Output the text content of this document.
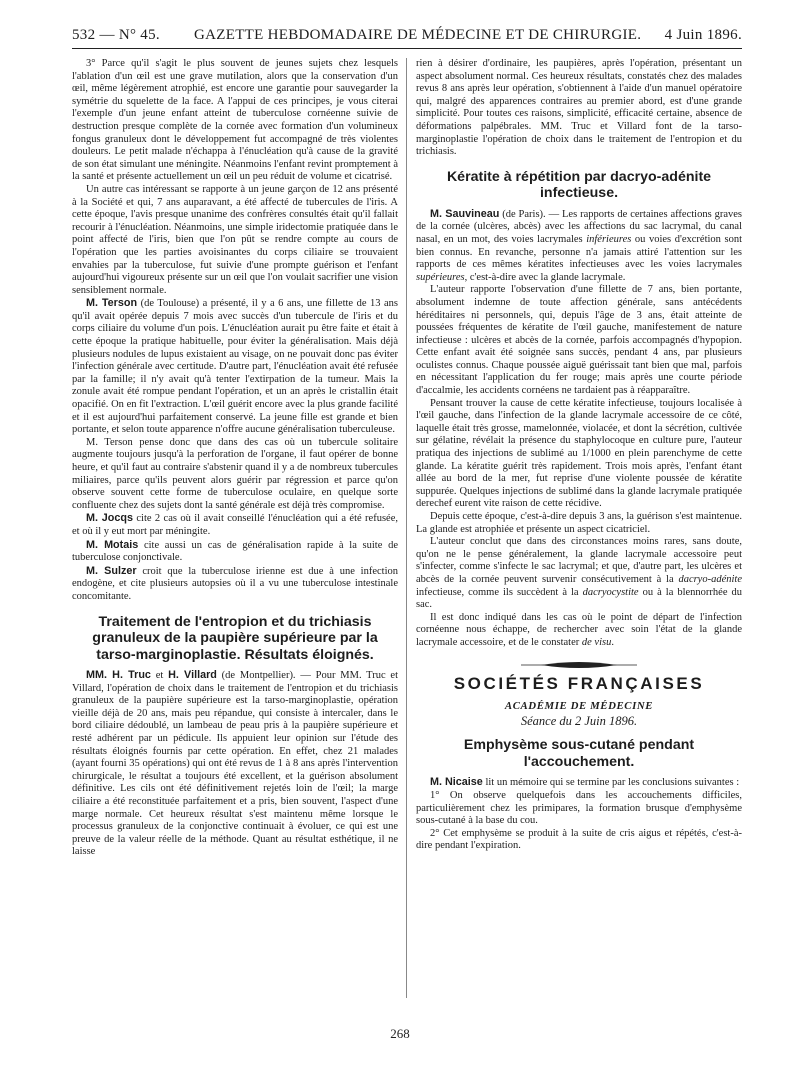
532 — N° 45. GAZETTE HEBDOMADAIRE DE MÉDECINE ET DE CHIRURGIE. 4 Juin 1896.

3° Parce qu'il s'agit le plus souvent de jeunes sujets chez lesquels l'ablation d'un œil est une grave mutilation, alors que la conservation d'un œil, même légèrement atrophié, est encore une garantie pour sauvegarder la symétrie du squelette de la face. A l'appui de ces principes, je vous citerai l'exemple d'un jeune enfant atteint de tuberculose cornéenne suivie de destruction presque complète de la cornée avec formation d'un volumineux fongus granuleux dont le développement fut accompagné de très violentes douleurs. Le petit malade n'échappa à l'énucléation qu'à cause de la gravité de son état simulant une méningite. Néanmoins l'enfant revint promptement à la santé et présente actuellement un œil un peu réduit de volume et cicatrisé.

Un autre cas intéressant se rapporte à un jeune garçon de 12 ans présenté à la Société et qui, 7 ans auparavant, a été affecté de tubercules de l'iris. A cette époque, l'avis presque unanime des confrères consultés était qu'il fallait recourir à l'énucléation. Néanmoins, une simple iridectomie pratiquée dans le point affecté de l'iris, bien que l'on pût se rendre compte au cours de l'opération que les parties avoisinantes du corps ciliaire se trouvaient envahies par la tuberculose, fut suivie d'une prompte guérison et l'enfant aujourd'hui vigoureux présente sur un œil que l'on voulait sacrifier une vision sensiblement normale.

M. Terson (de Toulouse) a présenté, il y a 6 ans, une fillette de 13 ans qu'il avait opérée depuis 7 mois avec succès d'un tubercule de l'iris et du corps ciliaire du volume d'un pois. L'énucléation aurait pu être faite et était à cette époque la pratique habituelle, pour éviter la généralisation. Mais déjà plusieurs nodules de lupus existaient au visage, on ne pouvait donc pas éviter l'infection générale avec certitude. D'autre part, l'énucléation avait été refusée par la famille; il n'y avait qu'à tenter l'extirpation de la tumeur. Mais la zonule avait été rompue pendant l'opération, et un an après le cristallin était opacifié. On en fit l'extraction. L'œil guérit encore avec la plus grande facilité et il est aujourd'hui parfaitement conservé. La jeune fille est grande et bien portante, et selon toute apparence n'offre aucune généralisation tuberculeuse.

M. Terson pense donc que dans des cas où un tubercule solitaire augmente toujours jusqu'à la perforation de l'organe, il faut opérer de bonne heure, et qu'il faut au contraire s'abstenir quand il y a de nombreux tubercules miliaires, parce qu'ils peuvent alors guérir par régression et parce qu'on observe souvent cette forme de tuberculose oculaire, en quelque sorte confluente chez des sujets dont la santé générale est déjà très compromise.

M. Jocqs cite 2 cas où il avait conseillé l'énucléation qui a été refusée, et où il y eut mort par méningite.

M. Motais cite aussi un cas de généralisation rapide à la suite de tuberculose conjonctivale.

M. Sulzer croit que la tuberculose irienne est due à une infection endogène, et cite plusieurs autopsies où il a vu une tuberculose intestinale concomitante.

Traitement de l'entropion et du trichiasis granuleux de la paupière supérieure par la tarso-marginoplastie. Résultats éloignés.

MM. H. Truc et H. Villard (de Montpellier). — Pour MM. Truc et Villard, l'opération de choix dans le traitement de l'entropion et du trichiasis granuleux de la paupière supérieure est la tarso-marginoplastie, opération vieille déjà de 20 ans, mais peu répandue, qui consiste à intercaler, dans le bord ciliaire dédoublé, un lambeau de peau pris à la paupière supérieure et resté adhérent par un pédicule. Ils appuient leur opinion sur l'étude des résultats éloignés fournis par cette opération. En effet, chez 21 malades (ayant fourni 35 opérations) qui ont été revus de 1 à 8 ans après l'intervention chirurgicale, le résultat a toujours été excellent, et la guérison absolument définitive. Les cils ont été définitivement rejetés loin de l'œil; la marge ciliaire a été reconstituée parfaitement et a pris, bien souvent, l'aspect d'une marge normale. Cet heureux résultat s'est maintenu même lorsque le processus granuleux de la conjonctive continuait à évoluer, ce qui est une preuve de la valeur réelle de la méthode. Quant au résultat esthétique, il ne laisse

rien à désirer d'ordinaire, les paupières, après l'opération, présentant un aspect absolument normal. Ces heureux résultats, constatés chez des malades revus 8 ans après leur opération, s'obtiennent à l'aide d'un manuel opératoire qui, malgré des apparences contraires au premier abord, est d'une grande simplicité. Pour toutes ces raisons, simplicité, efficacité certaine, absence de déformations palpébrales. MM. Truc et Villard font de la tarso-marginoplastie l'opération de choix dans le traitement de l'entropion et du trichiasis.

Kératite à répétition par dacryo-adénite infectieuse.

M. Sauvineau (de Paris). — Les rapports de certaines affections graves de la cornée (ulcères, abcès) avec les affections du sac lacrymal, du canal nasal, en un mot, des voies lacrymales inférieures ou voies d'excrétion sont bien connus. En revanche, personne n'a jamais attiré l'attention sur les rapports de ces mêmes kératites infectieuses avec les voies lacrymales supérieures, c'est-à-dire avec la glande lacrymale.

L'auteur rapporte l'observation d'une fillette de 7 ans, bien portante, absolument indemne de toute affection générale, sans antécédents héréditaires ni personnels, qui, depuis l'âge de 3 ans, était atteinte de poussées fréquentes de kératite de l'œil gauche, manifestement de nature infectieuse : ulcères et abcès de la cornée, parfois accompagnés d'hypopion. Cette enfant avait été soignée sans succès, pendant 4 ans, par plusieurs oculistes connus. Chaque poussée aiguë guérissait tant bien que mal, parfois en nécessitant l'application du fer rouge; mais après une courte période d'accalmie, les accidents cornéens ne tardaient pas à réapparaître.

Pensant trouver la cause de cette kératite infectieuse, toujours localisée à l'œil gauche, dans l'infection de la glande lacrymale accessoire de ce côté, laquelle était très grosse, mamelonnée, violacée, et dont la sécrétion, cultivée sur gélatine, révélait la présence du staphylocoque en culture pure, l'auteur pratiqua des injections de sublimé au 1/1000 en plein parenchyme de cette glande. La kératite guérit très rapidement. Trois mois après, l'enfant étant allée au bord de la mer, fut reprise d'une violente poussée de kératite suppurée. Quelques injections de sublimé dans la glande lacrymale pratiquée derechef eurent vite raison de cette récidive.

Depuis cette époque, c'est-à-dire depuis 3 ans, la guérison s'est maintenue. La glande est atrophiée et présente un aspect cicatriciel.

L'auteur conclut que dans des circonstances moins rares, sans doute, qu'on ne le pense généralement, la glande lacrymale accessoire peut s'infecter, comme s'infecte le sac lacrymal; et que, d'autre part, les ulcères et abcès de la cornée peuvent survenir consécutivement à la dacryo-adénite infectieuse, comme ils succèdent à la dacryocystite ou à la blennorrhée du sac.

Il est donc indiqué dans les cas où le point de départ de l'infection cornéenne nous échappe, de rechercher avec soin l'état de la glande lacrymale accessoire, et de le constater de visu.

SOCIÉTÉS FRANÇAISES
ACADÉMIE DE MÉDECINE
Séance du 2 Juin 1896.
Emphysème sous-cutané pendant l'accouchement.

M. Nicaise lit un mémoire qui se termine par les conclusions suivantes :

1° On observe quelquefois dans les accouchements difficiles, particulièrement chez les primipares, la formation brusque d'emphysème sous-cutané à la base du cou.

2° Cet emphysème se produit à la suite de cris aigus et répétés, c'est-à-dire pendant l'expiration.

268
